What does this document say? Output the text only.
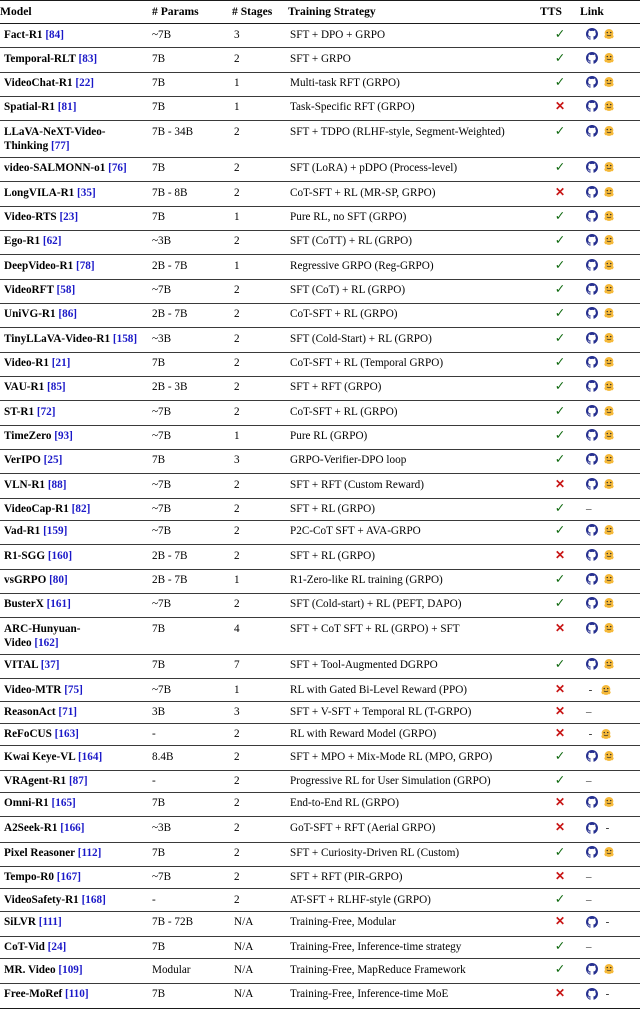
Model	# Params	# Stages	Training Strategy	TTS	Link
Fact-R1 [84]	~7B	3	SFT + DPO + GRPO	✓	

Temporal-RLT [83]	7B	2	SFT + GRPO	✓	

VideoChat-R1 [22]	7B	1	Multi-task RFT (GRPO)	✓	

Spatial-R1 [81]	7B	1	Task-Specific RFT (GRPO)	✕	

LLaVA-NeXT-Video-
Thinking [77]	7B - 34B	2	SFT + TDPO (RLHF-style, Segment-Weighted)	✓	

video-SALMONN-o1 [76]	7B	2	SFT (LoRA) + pDPO (Process-level)	✓	

LongVILA-R1 [35]	7B - 8B	2	CoT-SFT + RL (MR-SP, GRPO)	✕	

Video-RTS [23]	7B	1	Pure RL, no SFT (GRPO)	✓	

Ego-R1 [62]	~3B	2	SFT (CoTT) + RL (GRPO)	✓	

DeepVideo-R1 [78]	2B - 7B	1	Regressive GRPO (Reg-GRPO)	✓	

VideoRFT [58]	~7B	2	SFT (CoT) + RL (GRPO)	✓	

UniVG-R1 [86]	2B - 7B	2	CoT-SFT + RL (GRPO)	✓	

TinyLLaVA-Video-R1 [158]	~3B	2	SFT (Cold-Start) + RL (GRPO)	✓	

Video-R1 [21]	7B	2	CoT-SFT + RL (Temporal GRPO)	✓	

VAU-R1 [85]	2B - 3B	2	SFT + RFT (GRPO)	✓	

ST-R1 [72]	~7B	2	CoT-SFT + RL (GRPO)	✓	

TimeZero [93]	~7B	1	Pure RL (GRPO)	✓	

VerIPO [25]	7B	3	GRPO-Verifier-DPO loop	✓	

VLN-R1 [88]	~7B	2	SFT + RFT (Custom Reward)	✕	

VideoCap-R1 [82]	~7B	2	SFT + RL (GRPO)	✓	–

Vad-R1 [159]	~7B	2	P2C-CoT SFT + AVA-GRPO	✓	

R1-SGG [160]	2B - 7B	2	SFT + RL (GRPO)	✕	

vsGRPO [80]	2B - 7B	1	R1-Zero-like RL training (GRPO)	✓	

BusterX [161]	~7B	2	SFT (Cold-start) + RL (PEFT, DAPO)	✓	

ARC-Hunyuan-
Video [162]	7B	4	SFT + CoT SFT + RL (GRPO) + SFT	✕	

VITAL [37]	7B	7	SFT + Tool-Augmented DGRPO	✓	

Video-MTR [75]	~7B	1	RL with Gated Bi-Level Reward (PPO)	✕	-

ReasonAct [71]	3B	3	SFT + V-SFT + Temporal RL (T-GRPO)	✕	–

ReFoCUS [163]	-	2	RL with Reward Model (GRPO)	✕	-

Kwai Keye-VL [164]	8.4B	2	SFT + MPO + Mix-Mode RL (MPO, GRPO)	✓	

VRAgent-R1 [87]	-	2	Progressive RL for User Simulation (GRPO)	✓	–

Omni-R1 [165]	7B	2	End-to-End RL (GRPO)	✕	

A2Seek-R1 [166]	~3B	2	GoT-SFT + RFT (Aerial GRPO)	✕	-

Pixel Reasoner [112]	7B	2	SFT + Curiosity-Driven RL (Custom)	✓	

Tempo-R0 [167]	~7B	2	SFT + RFT (PIR-GRPO)	✕	–

VideoSafety-R1 [168]	-	2	AT-SFT + RLHF-style (GRPO)	✓	–

SiLVR [111]	7B - 72B	N/A	Training-Free, Modular	✕	-

CoT-Vid [24]	7B	N/A	Training-Free, Inference-time strategy	✓	–

MR. Video [109]	Modular	N/A	Training-Free, MapReduce Framework	✓	

Free-MoRef [110]	7B	N/A	Training-Free, Inference-time MoE	✕	-
